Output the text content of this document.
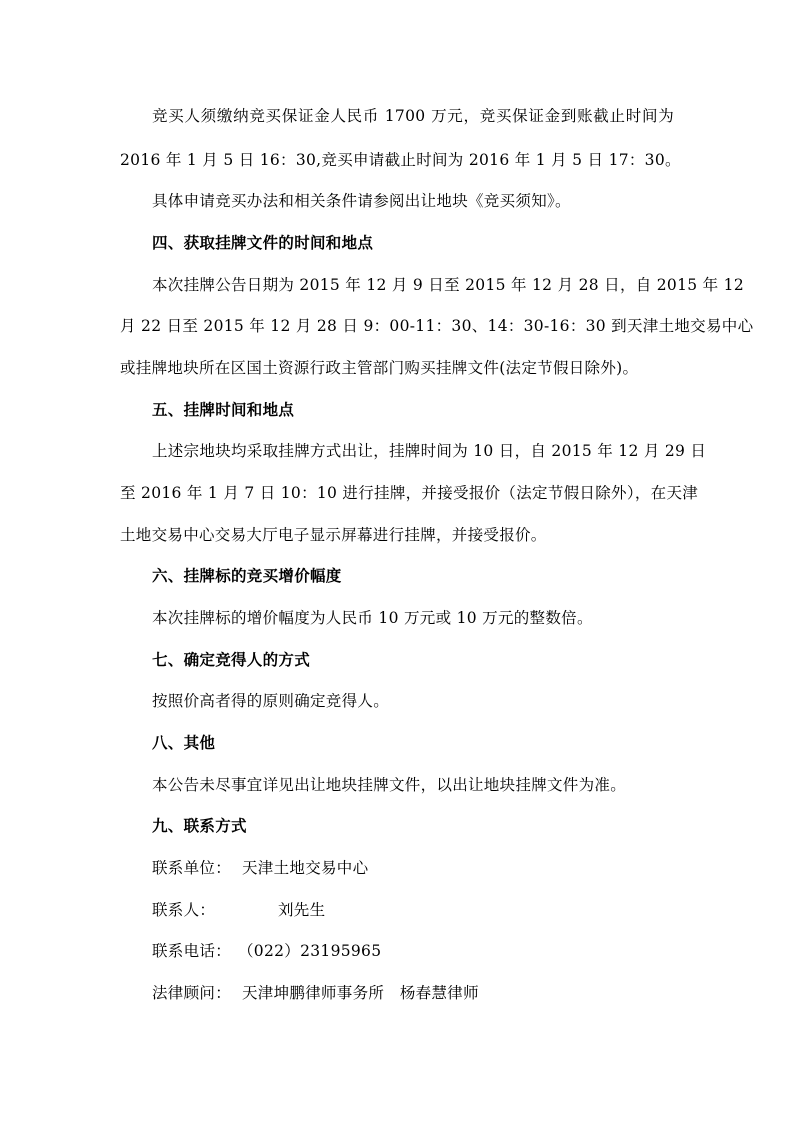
竞买人须缴纳竞买保证金人民币 1700 万元，竞买保证金到账截止时间为
2016 年 1 月 5 日 16：30,竞买申请截止时间为 2016 年 1 月 5 日 17：30。
具体申请竞买办法和相关条件请参阅出让地块《竞买须知》。
四、获取挂牌文件的时间和地点
本次挂牌公告日期为 2015 年 12 月 9 日至 2015 年 12 月 28 日，自 2015 年 12
月 22 日至 2015 年 12 月 28 日 9：00-11：30、14：30-16：30 到天津土地交易中心
或挂牌地块所在区国土资源行政主管部门购买挂牌文件(法定节假日除外)。
五、挂牌时间和地点
上述宗地块均采取挂牌方式出让，挂牌时间为 10 日，自 2015 年 12 月 29 日
至 2016 年 1 月 7 日 10：10 进行挂牌，并接受报价（法定节假日除外），在天津
土地交易中心交易大厅电子显示屏幕进行挂牌，并接受报价。
六、挂牌标的竞买增价幅度
本次挂牌标的增价幅度为人民币 10 万元或 10 万元的整数倍。
七、确定竞得人的方式
按照价高者得的原则确定竞得人。
八、其他
本公告未尽事宜详见出让地块挂牌文件，以出让地块挂牌文件为准。
九、联系方式
联系单位： 天津土地交易中心
联系人：	刘先生
联系电话： （022）23195965
法律顾问： 天津坤鹏律师事务所   杨春慧律师
